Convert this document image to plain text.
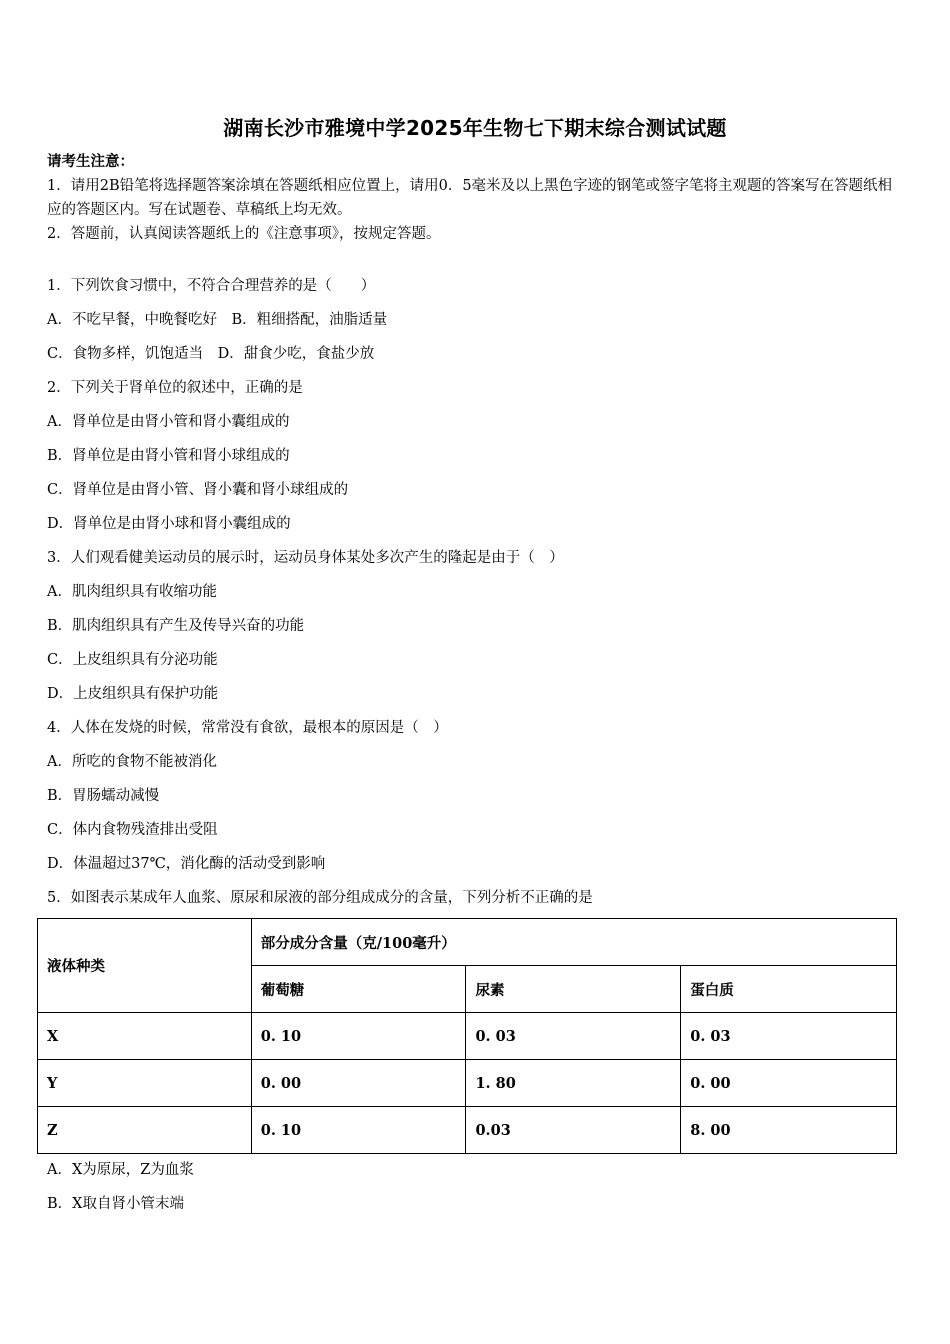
湖南长沙市雅境中学2025年生物七下期末综合测试试题
请考生注意：
1．请用2B铅笔将选择题答案涂填在答题纸相应位置上，请用0．5毫米及以上黑色字迹的钢笔或签字笔将主观题的答案写在答题纸相应的答题区内。写在试题卷、草稿纸上均无效。
2．答题前，认真阅读答题纸上的《注意事项》，按规定答题。
1．下列饮食习惯中，不符合合理营养的是（　　）
A．不吃早餐，中晚餐吃好　B．粗细搭配，油脂适量
C．食物多样，饥饱适当　D．甜食少吃，食盐少放
2．下列关于肾单位的叙述中，正确的是
A．肾单位是由肾小管和肾小囊组成的
B．肾单位是由肾小管和肾小球组成的
C．肾单位是由肾小管、肾小囊和肾小球组成的
D．肾单位是由肾小球和肾小囊组成的
3．人们观看健美运动员的展示时，运动员身体某处多次产生的隆起是由于（　）
A．肌肉组织具有收缩功能
B．肌肉组织具有产生及传导兴奋的功能
C．上皮组织具有分泌功能
D．上皮组织具有保护功能
4．人体在发烧的时候，常常没有食欲，最根本的原因是（　）
A．所吃的食物不能被消化
B．胃肠蠕动减慢
C．体内食物残渣排出受阻
D．体温超过37℃，消化酶的活动受到影响
5．如图表示某成年人血浆、原尿和尿液的部分组成成分的含量，下列分析不正确的是
液体种类	部分成分含量（克/100毫升）		
	葡萄糖	尿素	蛋白质
X	0. 10	0. 03	0. 03
Y	0. 00	1. 80	0. 00
Z	0. 10	0.03	8. 00
A．X为原尿，Z为血浆
B．X取自肾小管末端
